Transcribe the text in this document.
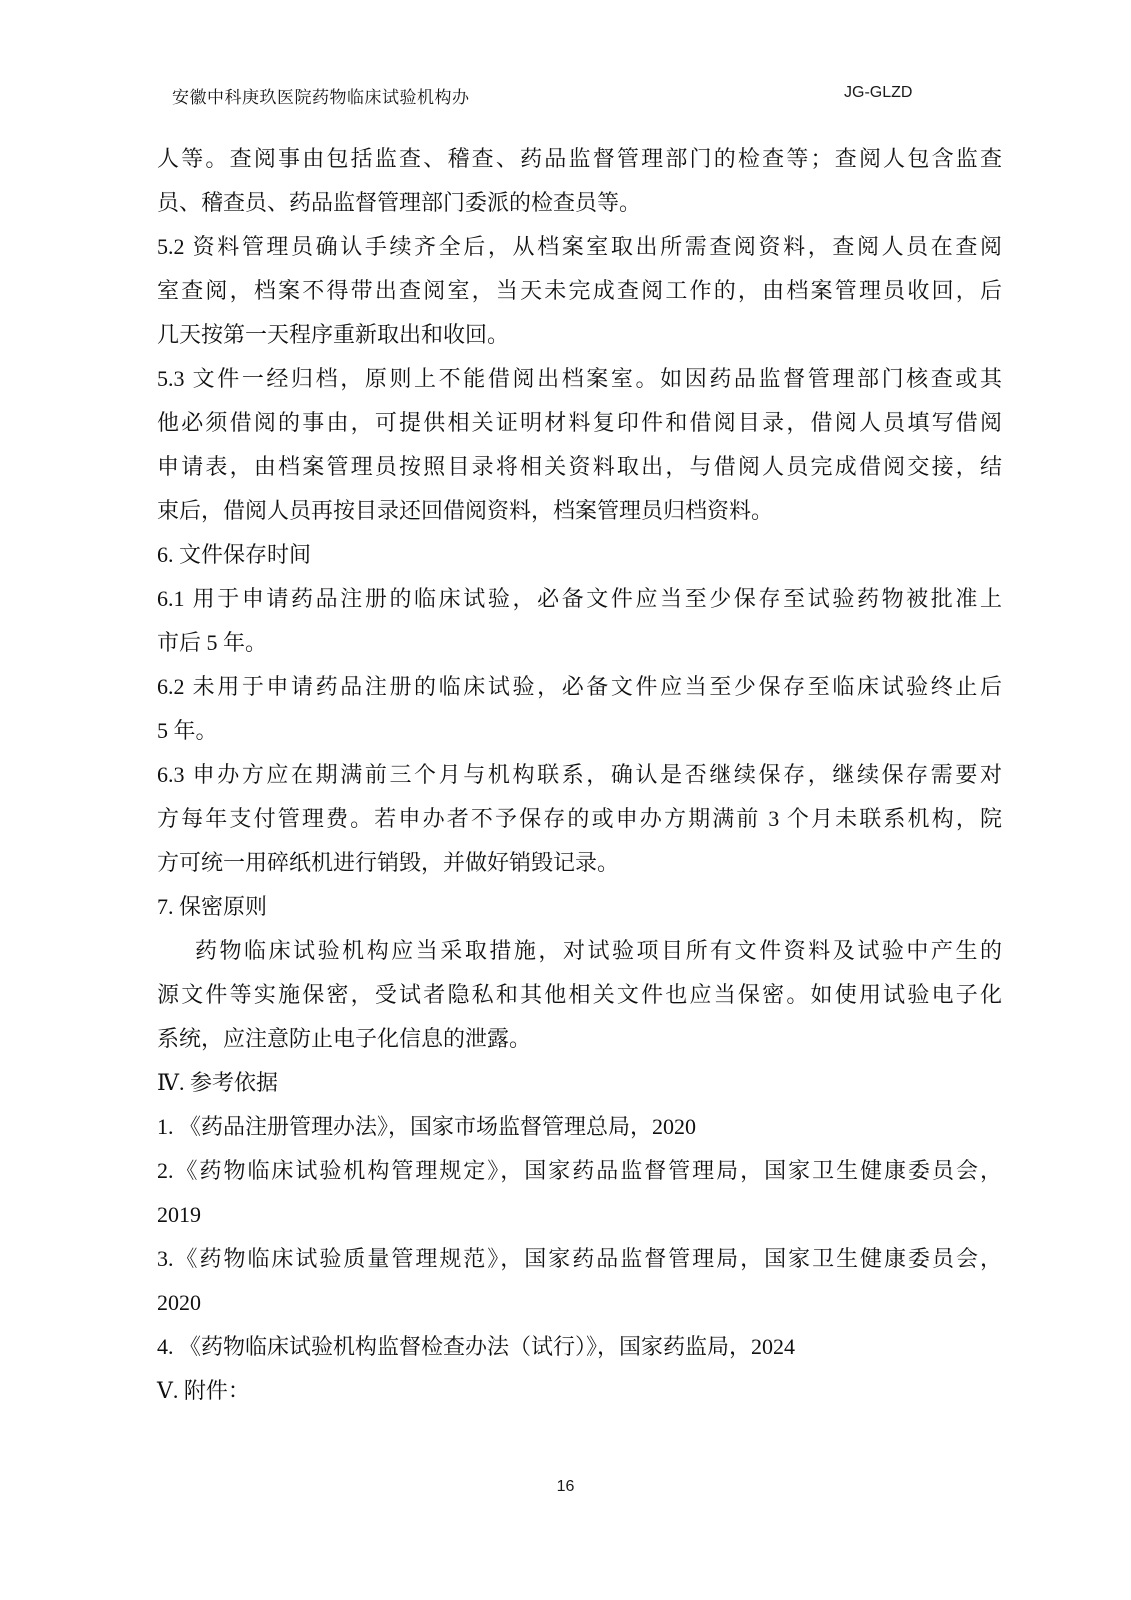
安徽中科庚玖医院药物临床试验机构办	JG-GLZD
人等。查阅事由包括监查、稽查、药品监督管理部门的检查等；查阅人包含监查
员、稽查员、药品监督管理部门委派的检查员等。
5.2 资料管理员确认手续齐全后，从档案室取出所需查阅资料，查阅人员在查阅
室查阅，档案不得带出查阅室，当天未完成查阅工作的，由档案管理员收回，后
几天按第一天程序重新取出和收回。
5.3 文件一经归档，原则上不能借阅出档案室。如因药品监督管理部门核查或其
他必须借阅的事由，可提供相关证明材料复印件和借阅目录，借阅人员填写借阅
申请表，由档案管理员按照目录将相关资料取出，与借阅人员完成借阅交接，结
束后，借阅人员再按目录还回借阅资料，档案管理员归档资料。
6. 文件保存时间
6.1 用于申请药品注册的临床试验，必备文件应当至少保存至试验药物被批准上
市后 5 年。
6.2 未用于申请药品注册的临床试验，必备文件应当至少保存至临床试验终止后
5 年。
6.3 申办方应在期满前三个月与机构联系，确认是否继续保存，继续保存需要对
方每年支付管理费。若申办者不予保存的或申办方期满前 3 个月未联系机构，院
方可统一用碎纸机进行销毁，并做好销毁记录。
7. 保密原则
药物临床试验机构应当采取措施，对试验项目所有文件资料及试验中产生的
源文件等实施保密，受试者隐私和其他相关文件也应当保密。如使用试验电子化
系统，应注意防止电子化信息的泄露。
Ⅳ. 参考依据
1. 《药品注册管理办法》，国家市场监督管理总局，2020
2.《药物临床试验机构管理规定》，国家药品监督管理局，国家卫生健康委员会，
2019
3.《药物临床试验质量管理规范》，国家药品监督管理局，国家卫生健康委员会，
2020
4. 《药物临床试验机构监督检查办法（试行）》，国家药监局，2024
Ⅴ. 附件：
16
